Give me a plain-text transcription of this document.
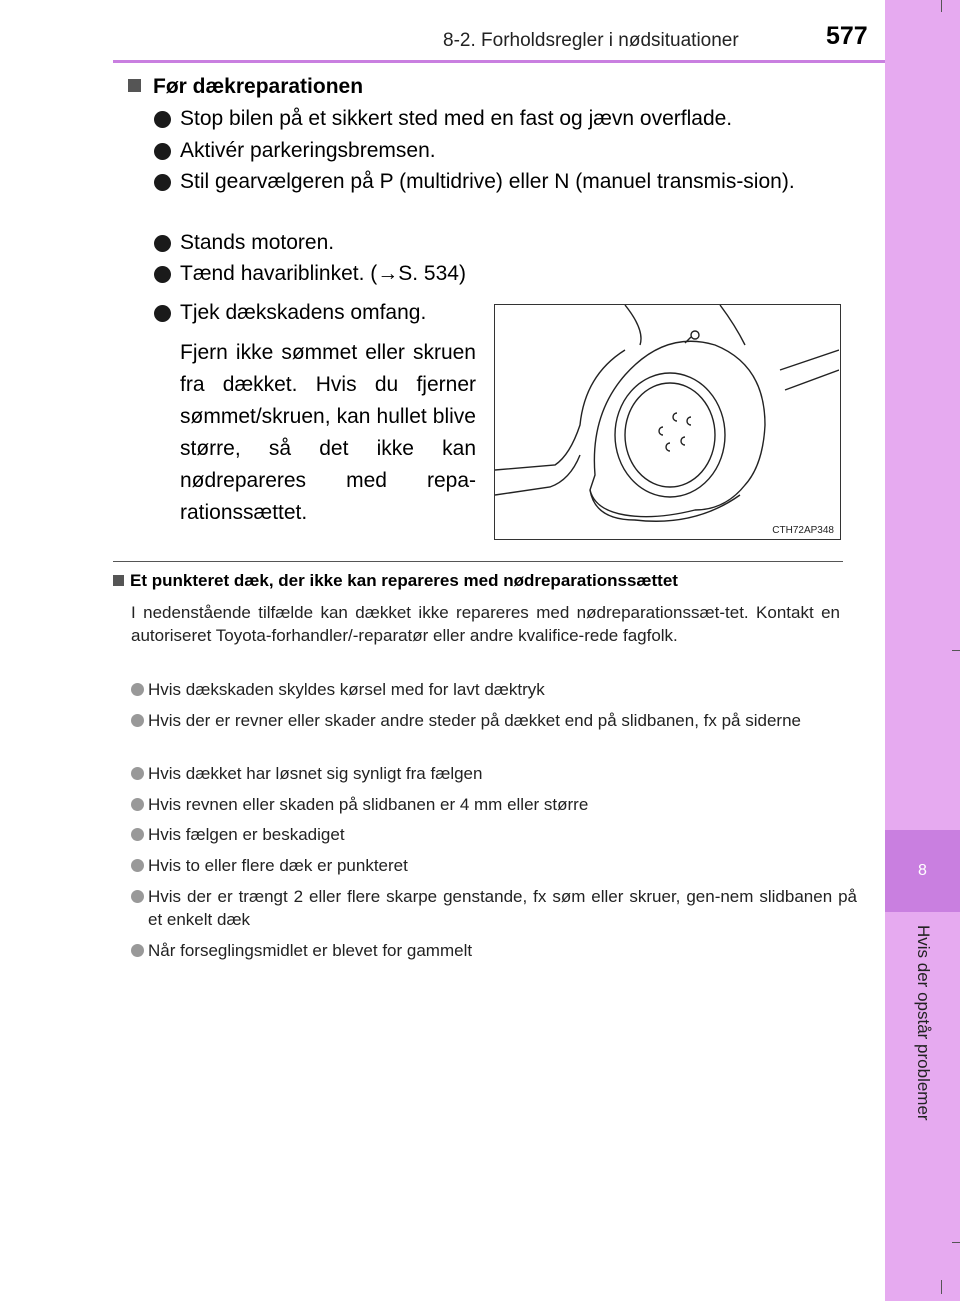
8
Hvis der opstår problemer
8-2. Forholdsregler i nødsituationer	577
Før dækreparationen
Stop bilen på et sikkert sted med en fast og jævn overflade.
Aktivér parkeringsbremsen.
Stil gearvælgeren på P (multidrive) eller N (manuel transmis-sion).
Stands motoren.
Tænd havariblinket. (→S. 534)
Tjek dækskadens omfang.
Fjern ikke sømmet eller skruen fra dækket. Hvis du fjerner sømmet/skruen, kan hullet blive større, så det ikke kan nødrepareres med repa-rationssættet.
CTH72AP348
Et punkteret dæk, der ikke kan repareres med nødreparationssættet
I nedenstående tilfælde kan dækket ikke repareres med nødreparationssæt-tet. Kontakt en autoriseret Toyota-forhandler/-reparatør eller andre kvalifice-rede fagfolk.
Hvis dækskaden skyldes kørsel med for lavt dæktryk
Hvis der er revner eller skader andre steder på dækket end på slidbanen, fx på siderne
Hvis dækket har løsnet sig synligt fra fælgen
Hvis revnen eller skaden på slidbanen er 4 mm eller større
Hvis fælgen er beskadiget
Hvis to eller flere dæk er punkteret
Hvis der er trængt 2 eller flere skarpe genstande, fx søm eller skruer, gen-nem slidbanen på et enkelt dæk
Når forseglingsmidlet er blevet for gammelt
